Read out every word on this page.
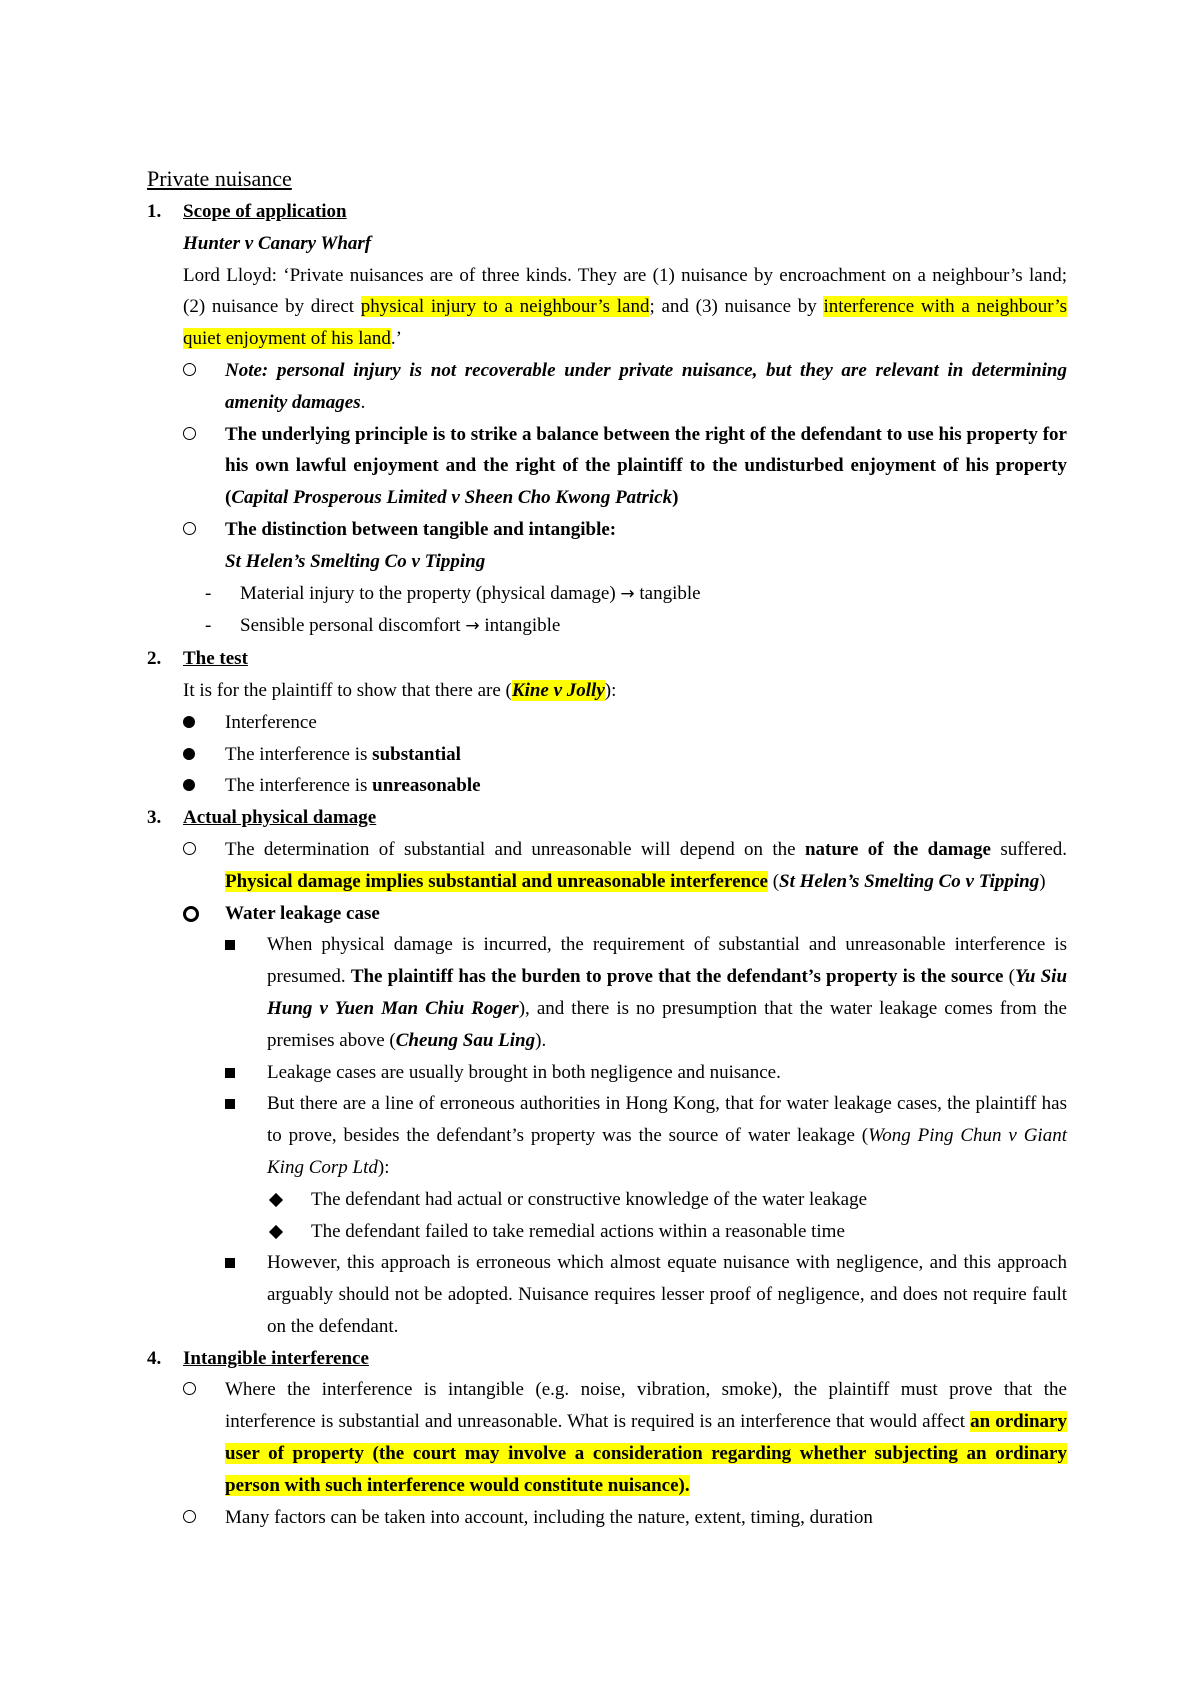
Private nuisance
1. Scope of application
Hunter v Canary Wharf
Lord Lloyd: ‘Private nuisances are of three kinds. They are (1) nuisance by encroachment on a neighbour’s land; (2) nuisance by direct physical injury to a neighbour’s land; and (3) nuisance by interference with a neighbour’s quiet enjoyment of his land.’
Note: personal injury is not recoverable under private nuisance, but they are relevant in determining amenity damages.
The underlying principle is to strike a balance between the right of the defendant to use his property for his own lawful enjoyment and the right of the plaintiff to the undisturbed enjoyment of his property (Capital Prosperous Limited v Sheen Cho Kwong Patrick)
The distinction between tangible and intangible:
St Helen’s Smelting Co v Tipping
- Material injury to the property (physical damage) → tangible
- Sensible personal discomfort → intangible
2. The test
It is for the plaintiff to show that there are (Kine v Jolly):
Interference
The interference is substantial
The interference is unreasonable
3. Actual physical damage
The determination of substantial and unreasonable will depend on the nature of the damage suffered. Physical damage implies substantial and unreasonable interference (St Helen’s Smelting Co v Tipping)
Water leakage case
When physical damage is incurred, the requirement of substantial and unreasonable interference is presumed. The plaintiff has the burden to prove that the defendant’s property is the source (Yu Siu Hung v Yuen Man Chiu Roger), and there is no presumption that the water leakage comes from the premises above (Cheung Sau Ling).
Leakage cases are usually brought in both negligence and nuisance.
But there are a line of erroneous authorities in Hong Kong, that for water leakage cases, the plaintiff has to prove, besides the defendant’s property was the source of water leakage (Wong Ping Chun v Giant King Corp Ltd):
The defendant had actual or constructive knowledge of the water leakage
The defendant failed to take remedial actions within a reasonable time
However, this approach is erroneous which almost equate nuisance with negligence, and this approach arguably should not be adopted. Nuisance requires lesser proof of negligence, and does not require fault on the defendant.
4. Intangible interference
Where the interference is intangible (e.g. noise, vibration, smoke), the plaintiff must prove that the interference is substantial and unreasonable. What is required is an interference that would affect an ordinary user of property (the court may involve a consideration regarding whether subjecting an ordinary person with such interference would constitute nuisance).
Many factors can be taken into account, including the nature, extent, timing, duration
